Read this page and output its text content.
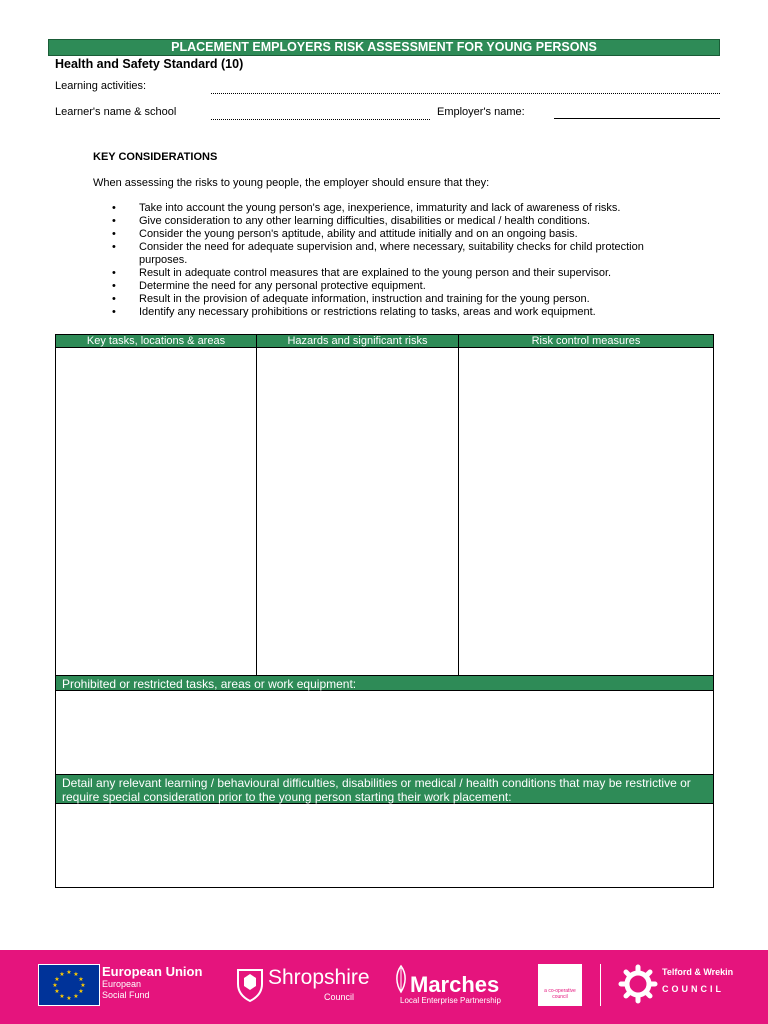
PLACEMENT EMPLOYERS RISK ASSESSMENT FOR YOUNG PERSONS
Health and Safety Standard (10)
Learning activities:
Learner's name & school	Employer's name:
KEY CONSIDERATIONS
When assessing the risks to young people, the employer should ensure that they:
• Take into account the young person's age, inexperience, immaturity and lack of awareness of risks.
• Give consideration to any other learning difficulties, disabilities or medical / health conditions.
• Consider the young person's aptitude, ability and attitude initially and on an ongoing basis.
• Consider the need for adequate supervision and, where necessary, suitability checks for child protection purposes.
• Result in adequate control measures that are explained to the young person and their supervisor.
• Determine the need for any personal protective equipment.
• Result in the provision of adequate information, instruction and training for the young person.
• Identify any necessary prohibitions or restrictions relating to tasks, areas and work equipment.
Key tasks, locations & areas	Hazards and significant risks	Risk control measures
Prohibited or restricted tasks, areas or work equipment:
Detail any relevant learning / behavioural difficulties, disabilities or medical / health conditions that may be restrictive or require special consideration prior to the young person starting their work placement:
★ ★
★
★
★
★
★
★
★
★
★
★	European Union
European
Social Fund
Shropshire
Council	Marches
Local Enterprise Partnership
a co-operative council
Telford & Wrekin
COUNCIL
